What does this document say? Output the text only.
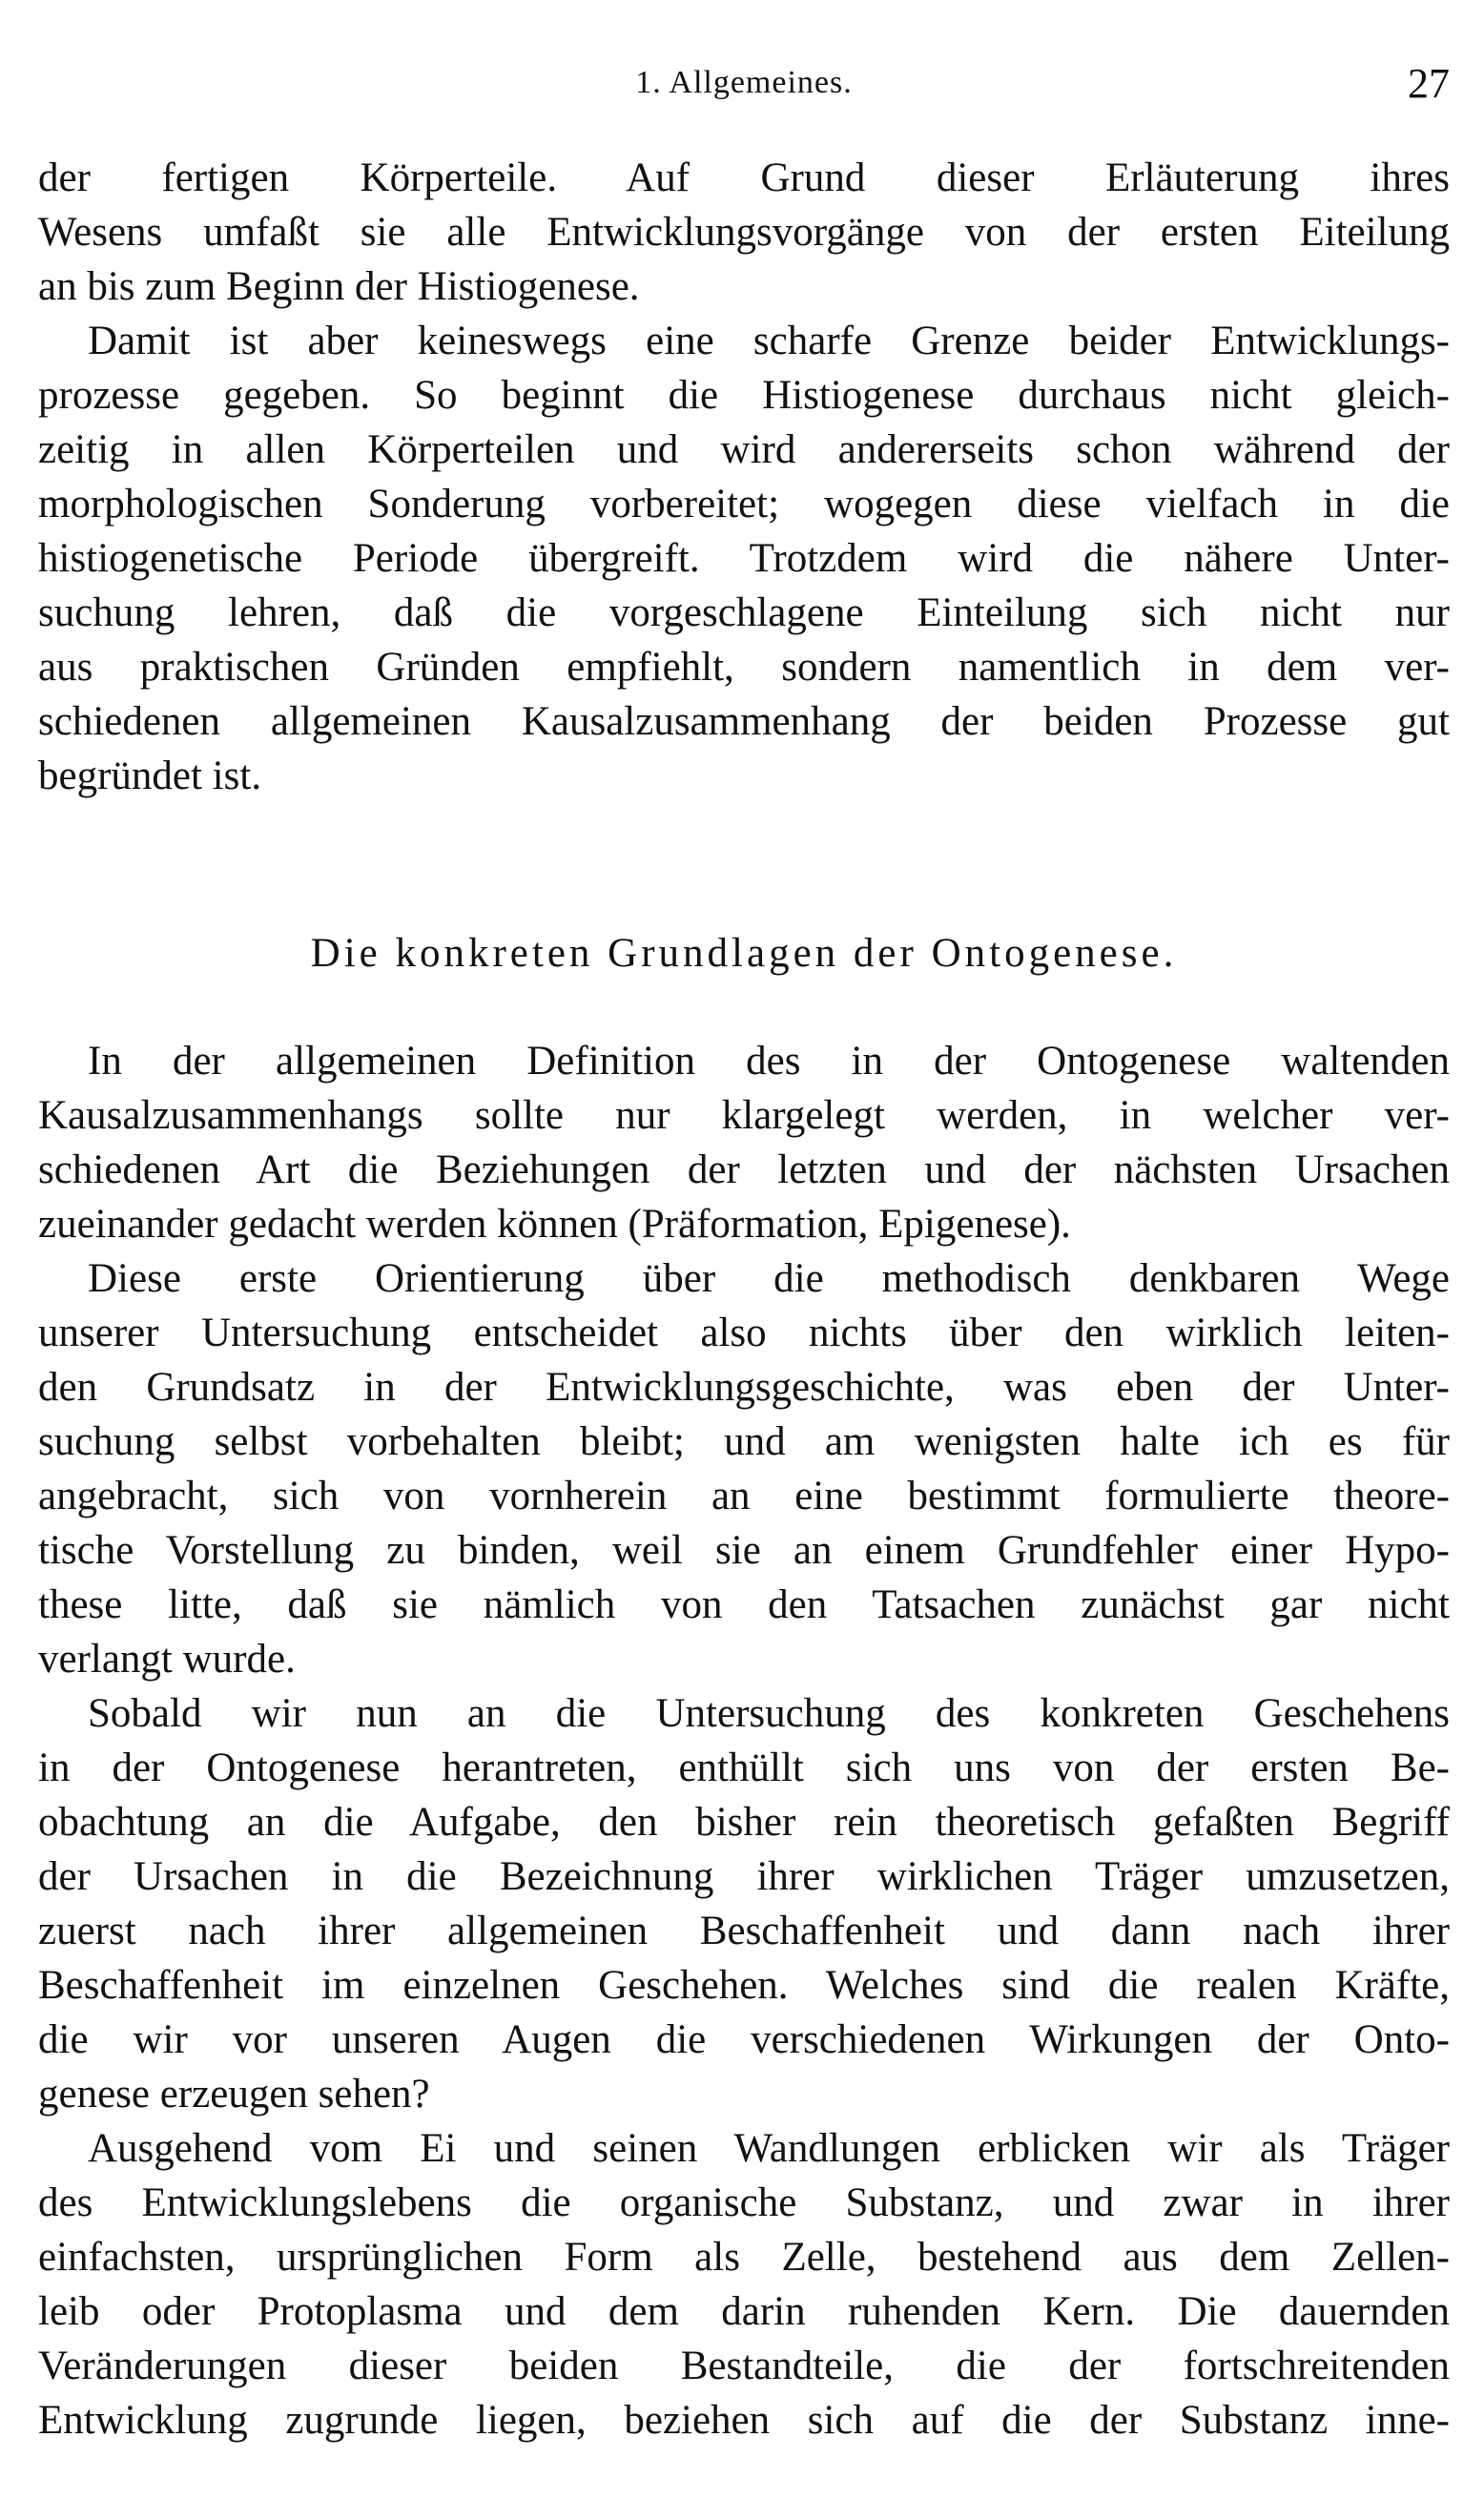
1. Allgemeines.	27
der fertigen Körperteile. Auf Grund dieser Erläuterung ihres
Wesens umfaßt sie alle Entwicklungsvorgänge von der ersten Eiteilung
an bis zum Beginn der Histiogenese.
Damit ist aber keineswegs eine scharfe Grenze beider Entwicklungs-
prozesse gegeben. So beginnt die Histiogenese durchaus nicht gleich-
zeitig in allen Körperteilen und wird andererseits schon während der
morphologischen Sonderung vorbereitet; wogegen diese vielfach in die
histiogenetische Periode übergreift. Trotzdem wird die nähere Unter-
suchung lehren, daß die vorgeschlagene Einteilung sich nicht nur
aus praktischen Gründen empfiehlt, sondern namentlich in dem ver-
schiedenen allgemeinen Kausalzusammenhang der beiden Prozesse gut
begründet ist.
Die konkreten Grundlagen der Ontogenese.
In der allgemeinen Definition des in der Ontogenese waltenden
Kausalzusammenhangs sollte nur klargelegt werden, in welcher ver-
schiedenen Art die Beziehungen der letzten und der nächsten Ursachen
zueinander gedacht werden können (Präformation, Epigenese).
Diese erste Orientierung über die methodisch denkbaren Wege
unserer Untersuchung entscheidet also nichts über den wirklich leiten-
den Grundsatz in der Entwicklungsgeschichte, was eben der Unter-
suchung selbst vorbehalten bleibt; und am wenigsten halte ich es für
angebracht, sich von vornherein an eine bestimmt formulierte theore-
tische Vorstellung zu binden, weil sie an einem Grundfehler einer Hypo-
these litte, daß sie nämlich von den Tatsachen zunächst gar nicht
verlangt wurde.
Sobald wir nun an die Untersuchung des konkreten Geschehens
in der Ontogenese herantreten, enthüllt sich uns von der ersten Be-
obachtung an die Aufgabe, den bisher rein theoretisch gefaßten Begriff
der Ursachen in die Bezeichnung ihrer wirklichen Träger umzusetzen,
zuerst nach ihrer allgemeinen Beschaffenheit und dann nach ihrer
Beschaffenheit im einzelnen Geschehen. Welches sind die realen Kräfte,
die wir vor unseren Augen die verschiedenen Wirkungen der Onto-
genese erzeugen sehen?
Ausgehend vom Ei und seinen Wandlungen erblicken wir als Träger
des Entwicklungslebens die organische Substanz, und zwar in ihrer
einfachsten, ursprünglichen Form als Zelle, bestehend aus dem Zellen-
leib oder Protoplasma und dem darin ruhenden Kern. Die dauernden
Veränderungen dieser beiden Bestandteile, die der fortschreitenden
Entwicklung zugrunde liegen, beziehen sich auf die der Substanz inne-
